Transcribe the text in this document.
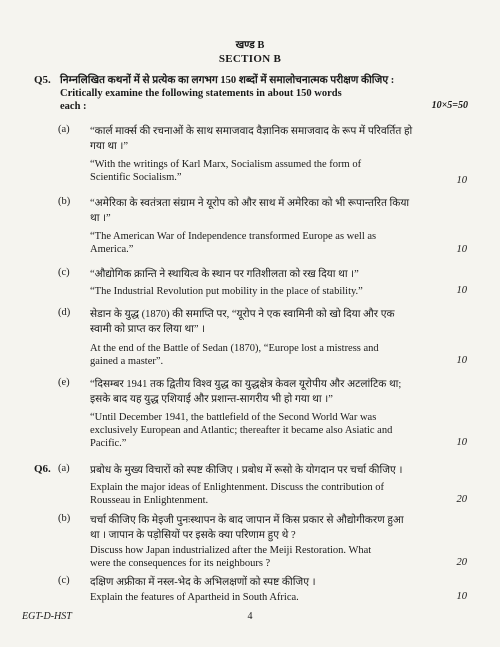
खण्ड B
SECTION B
Q5. निम्नलिखित कथनों में से प्रत्येक का लगभग 150 शब्दों में समालोचनात्मक परीक्षण कीजिए :
Critically examine the following statements in about 150 words
each :	10×5=50
(a) “कार्ल मार्क्स की रचनाओं के साथ समाजवाद वैज्ञानिक समाजवाद के रूप में परिवर्तित हो
गया था ।”
“With the writings of Karl Marx, Socialism assumed the form of
Scientific Socialism.”	10
(b) “अमेरिका के स्वतंत्रता संग्राम ने यूरोप को और साथ में अमेरिका को भी रूपान्तरित किया
था ।”
“The American War of Independence transformed Europe as well as
America.”	10
(c) “औद्योगिक क्रान्ति ने स्थायित्व के स्थान पर गतिशीलता को रख दिया था ।”
“The Industrial Revolution put mobility in the place of stability.”	10
(d) सेडान के युद्ध (1870) की समाप्ति पर, “यूरोप ने एक स्वामिनी को खो दिया और एक
स्वामी को प्राप्त कर लिया था” ।
At the end of the Battle of Sedan (1870), “Europe lost a mistress and
gained a master”.	10
(e) “दिसम्बर 1941 तक द्वितीय विश्व युद्ध का युद्धक्षेत्र केवल यूरोपीय और अटलांटिक था;
इसके बाद यह युद्ध एशियाई और प्रशान्त-सागरीय भी हो गया था ।”
“Until December 1941, the battlefield of the Second World War was
exclusively European and Atlantic; thereafter it became also Asiatic and
Pacific.”	10
Q6. (a) प्रबोध के मुख्य विचारों को स्पष्ट कीजिए । प्रबोध में रूसो के योगदान पर चर्चा कीजिए ।
Explain the major ideas of Enlightenment. Discuss the contribution of
Rousseau in Enlightenment.	20
(b) चर्चा कीजिए कि मेइजी पुनःस्थापन के बाद जापान में किस प्रकार से औद्योगीकरण हुआ
था । जापान के पड़ोसियों पर इसके क्या परिणाम हुए थे ?
Discuss how Japan industrialized after the Meiji Restoration. What
were the consequences for its neighbours ?	20
(c) दक्षिण अफ्रीका में नस्ल-भेद के अभिलक्षणों को स्पष्ट कीजिए ।
Explain the features of Apartheid in South Africa.	10
EGT-D-HST	4
